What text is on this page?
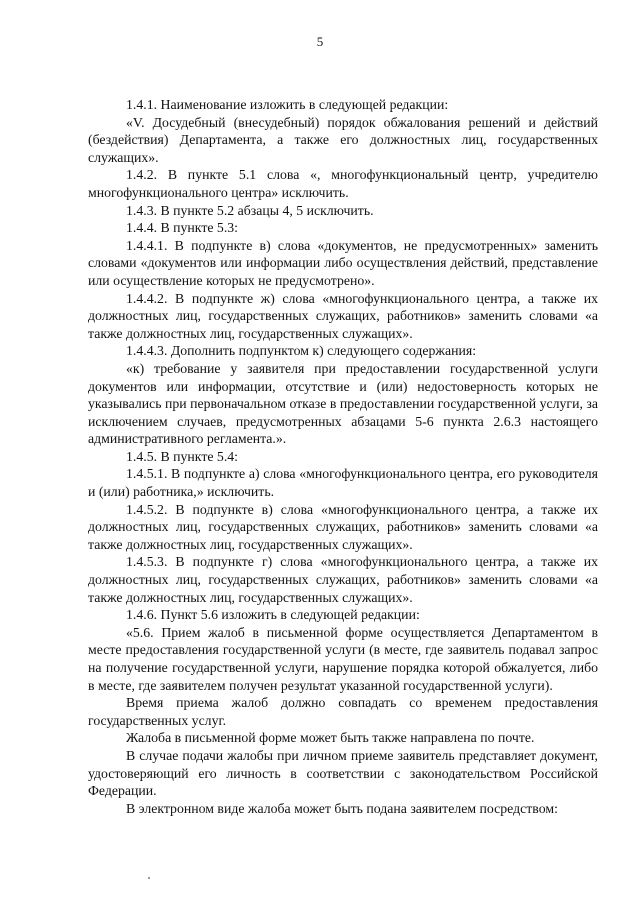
5

1.4.1. Наименование изложить в следующей редакции:

«V. Досудебный (внесудебный) порядок обжалования решений и действий (бездействия) Департамента, а также его должностных лиц, государственных служащих».

1.4.2. В пункте 5.1 слова «, многофункциональный центр, учредителю многофункционального центра» исключить.

1.4.3. В пункте 5.2 абзацы 4, 5 исключить.

1.4.4. В пункте 5.3:

1.4.4.1. В подпункте в) слова «документов, не предусмотренных» заменить словами «документов или информации либо осуществления действий, представление или осуществление которых не предусмотрено».

1.4.4.2. В подпункте ж) слова «многофункционального центра, а также их должностных лиц, государственных служащих, работников» заменить словами «а также должностных лиц, государственных служащих».

1.4.4.3. Дополнить подпунктом к) следующего содержания:

«к) требование у заявителя при предоставлении государственной услуги документов или информации, отсутствие и (или) недостоверность которых не указывались при первоначальном отказе в предоставлении государственной услуги, за исключением случаев, предусмотренных абзацами 5-6 пункта 2.6.3 настоящего административного регламента.».

1.4.5. В пункте 5.4:

1.4.5.1. В подпункте а) слова «многофункционального центра, его руководителя и (или) работника,» исключить.

1.4.5.2. В подпункте в) слова «многофункционального центра, а также их должностных лиц, государственных служащих, работников» заменить словами «а также должностных лиц, государственных служащих».

1.4.5.3. В подпункте г) слова «многофункционального центра, а также их должностных лиц, государственных служащих, работников» заменить словами «а также должностных лиц, государственных служащих».

1.4.6. Пункт 5.6 изложить в следующей редакции:

«5.6. Прием жалоб в письменной форме осуществляется Департаментом в месте предоставления государственной услуги (в месте, где заявитель подавал запрос на получение государственной услуги, нарушение порядка которой обжалуется, либо в месте, где заявителем получен результат указанной государственной услуги).

Время приема жалоб должно совпадать со временем предоставления государственных услуг.

Жалоба в письменной форме может быть также направлена по почте.

В случае подачи жалобы при личном приеме заявитель представляет документ, удостоверяющий его личность в соответствии с законодательством Российской Федерации.

В электронном виде жалоба может быть подана заявителем посредством:
